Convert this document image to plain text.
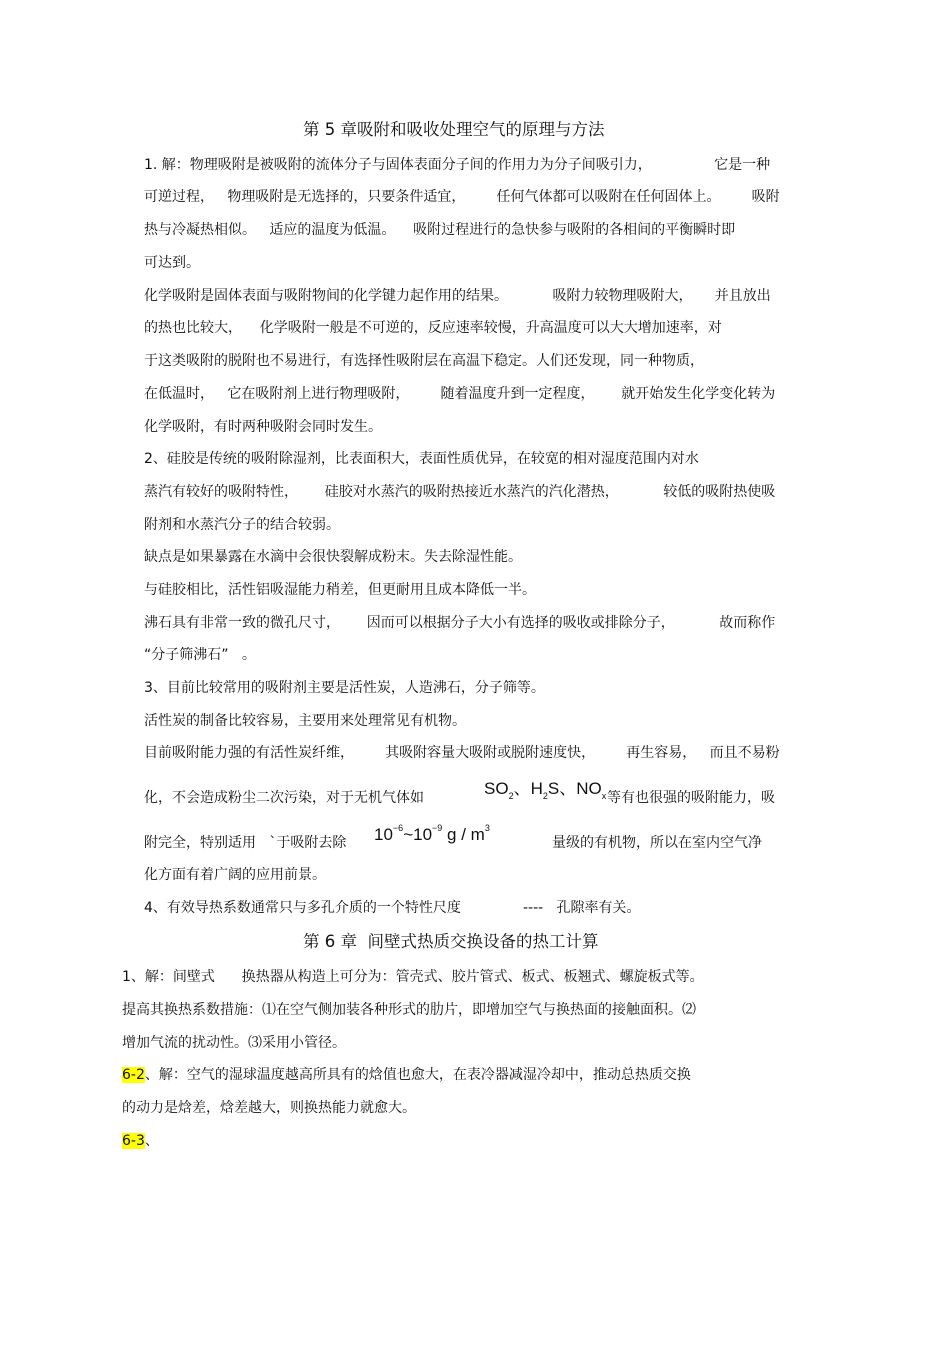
第 5 章吸附和吸收处理空气的原理与方法
1. 解：物理吸附是被吸附的流体分子与固体表面分子间的作用力为分子间吸引力，              它是一种
可逆过程，   物理吸附是无选择的，只要条件适宜，       任何气体都可以吸附在任何固体上。       吸附
热与冷凝热相似。   适应的温度为低温。    吸附过程进行的急快参与吸附的各相间的平衡瞬时即
可达到。
化学吸附是固体表面与吸附物间的化学键力起作用的结果。          吸附力较物理吸附大，     并且放出
的热也比较大，    化学吸附一般是不可逆的，反应速率较慢，升高温度可以大大增加速率，对
于这类吸附的脱附也不易进行，有选择性吸附层在高温下稳定。人们还发现，同一种物质，
在低温时，   它在吸附剂上进行物理吸附，       随着温度升到一定程度，      就开始发生化学变化转为
化学吸附，有时两种吸附会同时发生。
2、硅胶是传统的吸附除湿剂，比表面积大，表面性质优异，在较宽的相对湿度范围内对水
蒸汽有较好的吸附特性，      硅胶对水蒸汽的吸附热接近水蒸汽的汽化潜热，          较低的吸附热使吸
附剂和水蒸汽分子的结合较弱。
缺点是如果暴露在水滴中会很快裂解成粉末。失去除湿性能。
与硅胶相比，活性铝吸湿能力稍差，但更耐用且成本降低一半。
沸石具有非常一致的微孔尺寸，      因而可以根据分子大小有选择的吸收或排除分子，          故而称作
“分子筛沸石”   。
3、目前比较常用的吸附剂主要是活性炭，人造沸石，分子筛等。
活性炭的制备比较容易，主要用来处理常见有机物。
目前吸附能力强的有活性炭纤维，       其吸附容量大吸附或脱附速度快，       再生容易，   而且不易粉
化，不会造成粉尘二次污染，对于无机气体如	$SO_2$、$H_2S$、$NO_x$ 等有也很强的吸附能力，吸
附完全，特别适用   `于吸附去除 $10^{-6}\sim 10^{-9}$ g / $m^3$
量级的有机物，所以在室内空气净
化方面有着广阔的应用前景。
4、有效导热系数通常只与多孔介质的一个特性尺度	----   孔隙率有关。
第 6 章  间壁式热质交换设备的热工计算
1、解：间壁式      换热器从构造上可分为：管壳式、胶片管式、板式、板翘式、螺旋板式等。
提高其换热系数措施：⑴在空气侧加装各种形式的肋片，即增加空气与换热面的接触面积。⑵
增加气流的扰动性。⑶采用小管径。
6-2、解：空气的湿球温度越高所具有的焓值也愈大，在表冷器减湿冷却中，推动总热质交换
的动力是焓差，焓差越大，则换热能力就愈大。
6-3、
